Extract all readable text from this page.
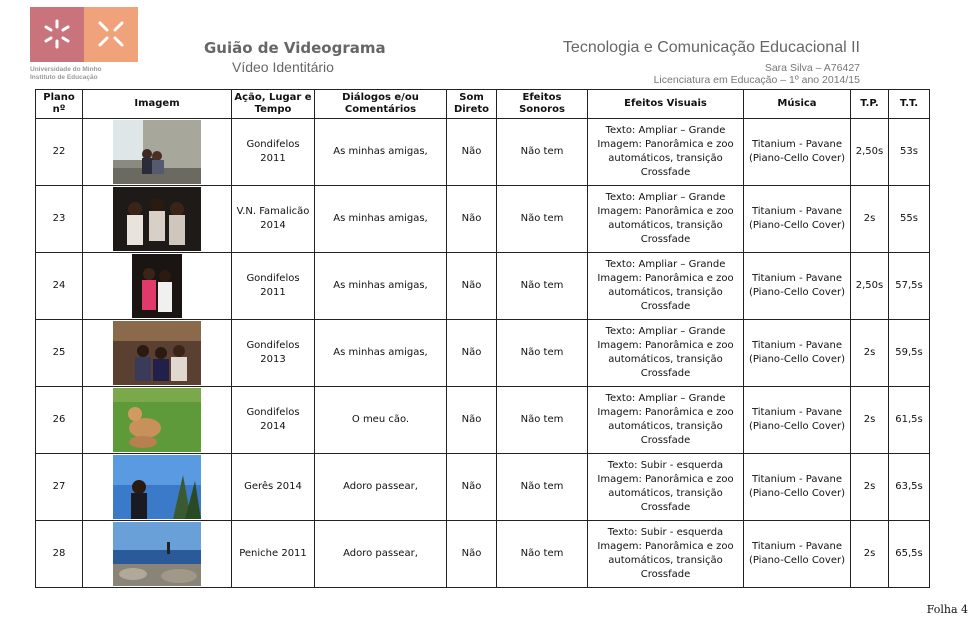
Universidade do Minho
Instituto de Educação
Guião de Videograma
Vídeo Identitário
Tecnologia e Comunicação Educacional II
Sara Silva – A76427
Licenciatura em Educação – 1º ano 2014/15
Plano nº	Imagem	Ação, Lugar e Tempo	Diálogos e/ou Comentários	Som Direto	Efeitos Sonoros	Efeitos Visuais	Música	T.P.	T.T.
22		Gondifelos 2011	As minhas amigas,	Não	Não tem	Texto: Ampliar – Grande Imagem: Panorâmica e zoo automáticos, transição Crossfade	Titanium - Pavane (Piano-Cello Cover)	2,50s	53s
23		V.N. Famalicão 2014	As minhas amigas,	Não	Não tem	Texto: Ampliar – Grande Imagem: Panorâmica e zoo automáticos, transição Crossfade	Titanium - Pavane (Piano-Cello Cover)	2s	55s
24		Gondifelos 2011	As minhas amigas,	Não	Não tem	Texto: Ampliar – Grande Imagem: Panorâmica e zoo automáticos, transição Crossfade	Titanium - Pavane (Piano-Cello Cover)	2,50s	57,5s
25		Gondifelos 2013	As minhas amigas,	Não	Não tem	Texto: Ampliar – Grande Imagem: Panorâmica e zoo automáticos, transição Crossfade	Titanium - Pavane (Piano-Cello Cover)	2s	59,5s
26		Gondifelos 2014	O meu cão.	Não	Não tem	Texto: Ampliar – Grande Imagem: Panorâmica e zoo automáticos, transição Crossfade	Titanium - Pavane (Piano-Cello Cover)	2s	61,5s
27		Gerês 2014	Adoro passear,	Não	Não tem	Texto: Subir - esquerda Imagem: Panorâmica e zoo automáticos, transição Crossfade	Titanium - Pavane (Piano-Cello Cover)	2s	63,5s
28		Peniche 2011	Adoro passear,	Não	Não tem	Texto: Subir - esquerda Imagem: Panorâmica e zoo automáticos, transição Crossfade	Titanium - Pavane (Piano-Cello Cover)	2s	65,5s
Folha 4
